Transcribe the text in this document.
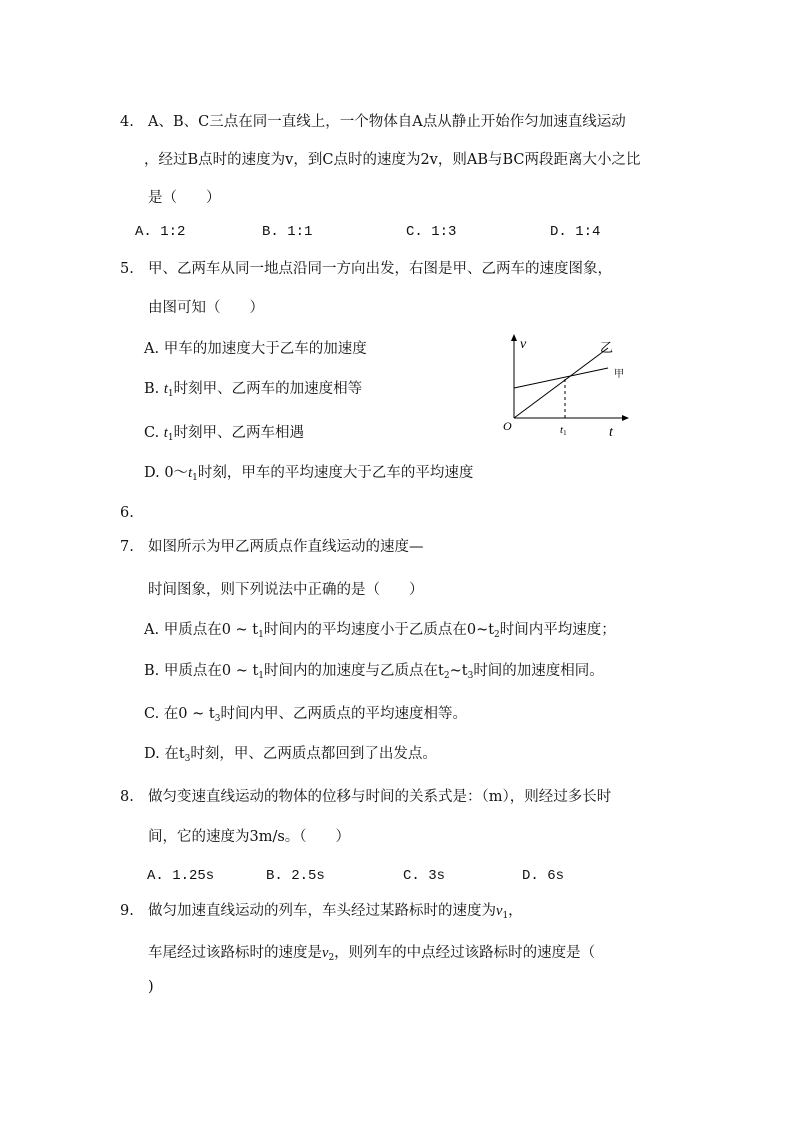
4. A、B、C三点在同一直线上，一个物体自A点从静止开始作匀加速直线运动
，经过B点时的速度为v，到C点时的速度为2v，则AB与BC两段距离大小之比
是（　　）
A. 1:2	B. 1:1	C. 1:3	D. 1:4
5. 甲、乙两车从同一地点沿同一方向出发，右图是甲、乙两车的速度图象，
由图可知（　　）
A. 甲车的加速度大于乙车的加速度
B. $t_1$时刻甲、乙两车的加速度相等
C. $t_1$时刻甲、乙两车相遇
D. $0\sim t_1$时刻，甲车的平均速度大于乙车的平均速度
v
t
O	t1
乙
甲
6.
7. 如图所示为甲乙两质点作直线运动的速度—
时间图象，则下列说法中正确的是（　　）
A. 甲质点在0 ~ $t_1$时间内的平均速度小于乙质点在$0\sim t_2$时间内平均速度；
B. 甲质点在0 ~ $t_1$时间内的加速度与乙质点在$t_2\sim t_3$时间的加速度相同。
C. 在0 ~ $t_3$时间内甲、乙两质点的平均速度相等。
D. 在$t_3$时刻，甲、乙两质点都回到了出发点。
8. 做匀变速直线运动的物体的位移与时间的关系式是：（m），则经过多长时
间，它的速度为3m/s。（　　）
A. 1.25s	B. 2.5s	C. 3s	D. 6s
9. 做匀加速直线运动的列车，车头经过某路标时的速度为$v_1$，
车尾经过该路标时的速度是$v_2$，则列车的中点经过该路标时的速度是（
)
